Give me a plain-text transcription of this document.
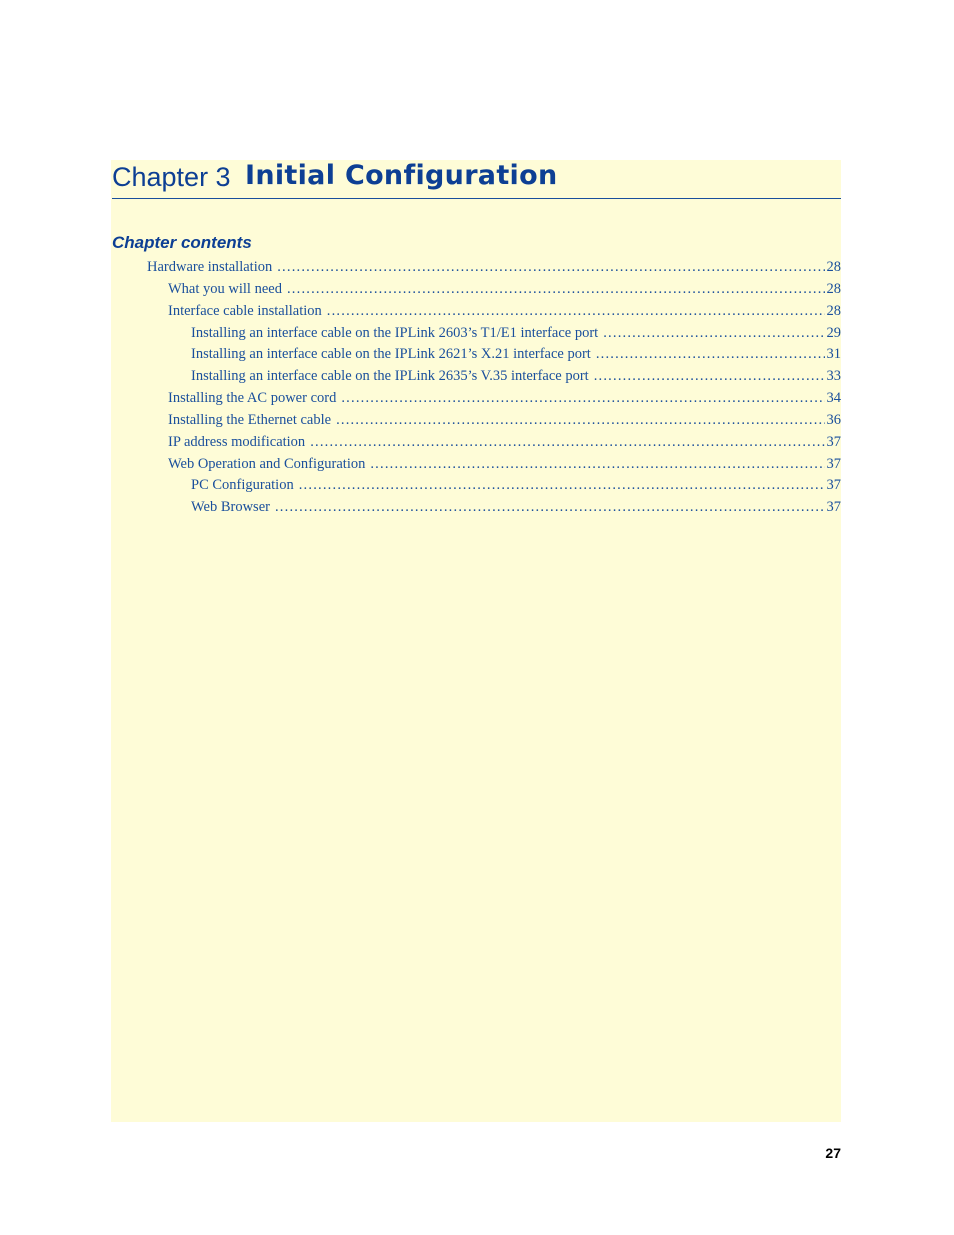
Chapter 3 Initial Configuration
Chapter contents
Hardware installation .....	28
What you will need .....	28
Interface cable installation .....	28
Installing an interface cable on the IPLink 2603’s T1/E1 interface port .....	29
Installing an interface cable on the IPLink 2621’s X.21 interface port .....	31
Installing an interface cable on the IPLink 2635’s V.35 interface port .....	33
Installing the AC power cord .....	34
Installing the Ethernet cable .....	36
IP address modification .....	37
Web Operation and Configuration .....	37
PC Configuration .....	37
Web Browser .....	37
27
